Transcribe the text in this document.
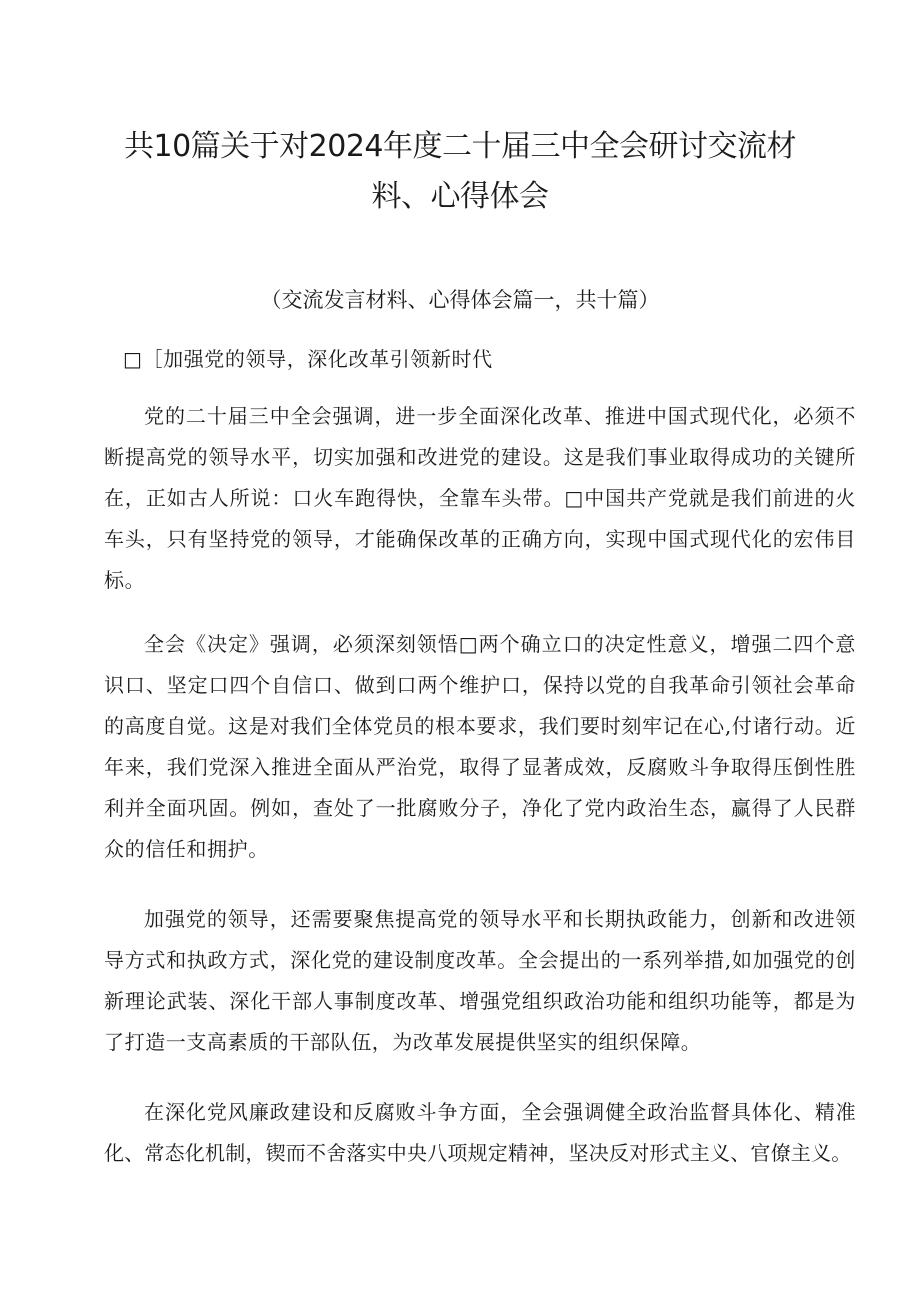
共10篇关于对2024年度二十届三中全会研讨交流材
料、心得体会
（交流发言材料、心得体会篇一，共十篇）

□［加强党的领导，深化改革引领新时代

党的二十届三中全会强调，进一步全面深化改革、推进中国式现代化，必须不断提高党的领导水平，切实加强和改进党的建设。这是我们事业取得成功的关键所在，正如古人所说：口火车跑得快，全靠车头带。□中国共产党就是我们前进的火车头，只有坚持党的领导，才能确保改革的正确方向，实现中国式现代化的宏伟目标。

全会《决定》强调，必须深刻领悟□两个确立口的决定性意义，增强二四个意识口、坚定口四个自信口、做到口两个维护口，保持以党的自我革命引领社会革命的高度自觉。这是对我们全体党员的根本要求，我们要时刻牢记在心,付诸行动。近年来，我们党深入推进全面从严治党，取得了显著成效，反腐败斗争取得压倒性胜利并全面巩固。例如，查处了一批腐败分子，净化了党内政治生态，赢得了人民群众的信任和拥护。

加强党的领导，还需要聚焦提高党的领导水平和长期执政能力，创新和改进领导方式和执政方式，深化党的建设制度改革。全会提出的一系列举措,如加强党的创新理论武装、深化干部人事制度改革、增强党组织政治功能和组织功能等，都是为了打造一支高素质的干部队伍，为改革发展提供坚实的组织保障。

在深化党风廉政建设和反腐败斗争方面，全会强调健全政治监督具体化、精准化、常态化机制，锲而不舍落实中央八项规定精神，坚决反对形式主义、官僚主义。
